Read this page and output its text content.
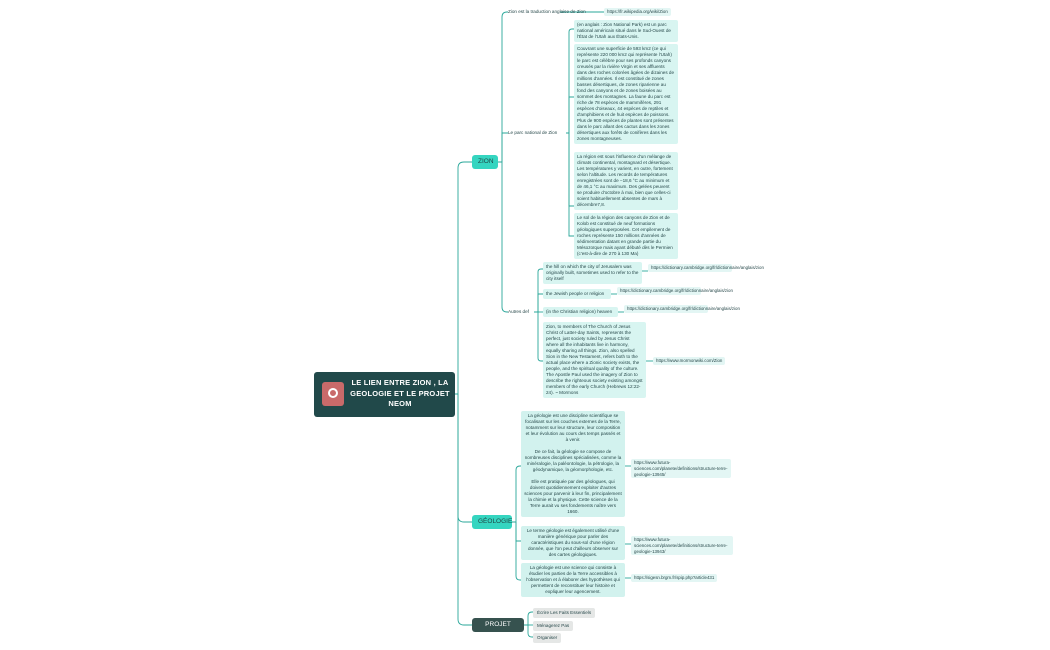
LE LIEN ENTRE ZION , LA GEOLOGIE ET LE PROJET NEOM
ZION
Zion est la traduction anglaise de Zion	https://fr.wikipedia.org/wiki/Zion
Le parc national de Zion
(en anglais : Zion National Park) est un parc national américain situé dans le Sud-Ouest de l'État de l'Utah aux États-Unis.
Couvrant une superficie de 593 km2 (ce qui représente 220 000 km2 qui représente l'Utah) le parc est célèbre pour ses profonds canyons creusés par la rivière Virgin et ses affluents dans des roches colorées âgées de dizaines de millions d'années. Il est constitué de zones basses désertiques, de zones riparienne au fond des canyons et de zones boisées au sommet des montagnes. La faune du parc est riche de 78 espèces de mammifères, 291 espèces d'oiseaux, 44 espèces de reptiles et d'amphibiens et de huit espèces de poissons. Plus de 900 espèces de plantes sont présentes dans le parc allant des cactus dans les zones désertiques aux forêts de conifères dans les zones montagneuses.
La région est sous l'influence d'un mélange de climats continental, montagnard et désertique. Les températures y varient, en outre, fortement selon l'altitude. Les records de températures enregistrées sont de −18,6 °C au minimum et de 46,1 °C au maximum. Des gelées peuvent se produire d'octobre à mai, bien que celles-ci soient habituellement absentes de mars à décembre7,8.
Le sol de la région des canyons de Zion et de Kolob est constitué de neuf formations géologiques superposées. Cet empilement de roches représente 150 millions d'années de sédimentation datant en grande partie du Mésozoïque mais ayant débuté dès le Permien (c'est-à-dire de 270 à 130 Ma)
Autres def
the hill on which the city of Jerusalem was originally built, sometimes used to refer to the city itself
https://dictionary.cambridge.org/fr/dictionnaire/anglais/zion
the Jewish people or religion
https://dictionary.cambridge.org/fr/dictionnaire/anglais/zion
(in the Christian religion) heaven
https://dictionary.cambridge.org/fr/dictionnaire/anglais/zion
Zion, to members of The Church of Jesus Christ of Latter-day Saints, represents the perfect, just society ruled by Jesus Christ where all the inhabitants live in harmony, equally sharing all things. Zion, also spelled Sion in the New Testament, refers both to the actual place where a Zionic society exists, the people, and the spiritual quality of the culture. The Apostle Paul used the imagery of Zion to describe the righteous society existing amongst members of the early Church (Hebrews 12:22-24). ~ Mormons
https://www.mormonwiki.com/Zion
GÉOLOGIE
La géologie est une discipline scientifique se focalisant sur les couches externes de la Terre, notamment sur leur structure, leur composition et leur évolution au cours des temps passés et à venir.
De ce fait, la géologie se compose de nombreuses disciplines spécialisées, comme la minéralogie, la paléontologie, la pétrologie, la géodynamique, la géomorphologie, etc.
Elle est pratiquée par des géologues, qui doivent quotidiennement exploiter d'autres sciences pour parvenir à leur fin, principalement la chimie et la physique. Cette science de la Terre aurait vu ses fondements naître vers 1660.
https://www.futura-sciences.com/planete/definitions/structure-terre-geologie-13945/
Le terme géologie est également utilisé d'une manière générique pour parler des caractéristiques du sous-sol d'une région donnée, que l'on peut d'ailleurs observer sur des cartes géologiques.
https://www.futura-sciences.com/planete/definitions/structure-terre-geologie-13943/
La géologie est une science qui consiste à étudier les parties de la Terre accessibles à l'observation et à élaborer des hypothèses qui permettent de reconstituer leur histoire et expliquer leur agencement.
https://sigesn.brgm.fr/spip.php?article431
PROJET NEOM
Écrire Les Faits Essentiels
Ménagerez Pas
Organiser
